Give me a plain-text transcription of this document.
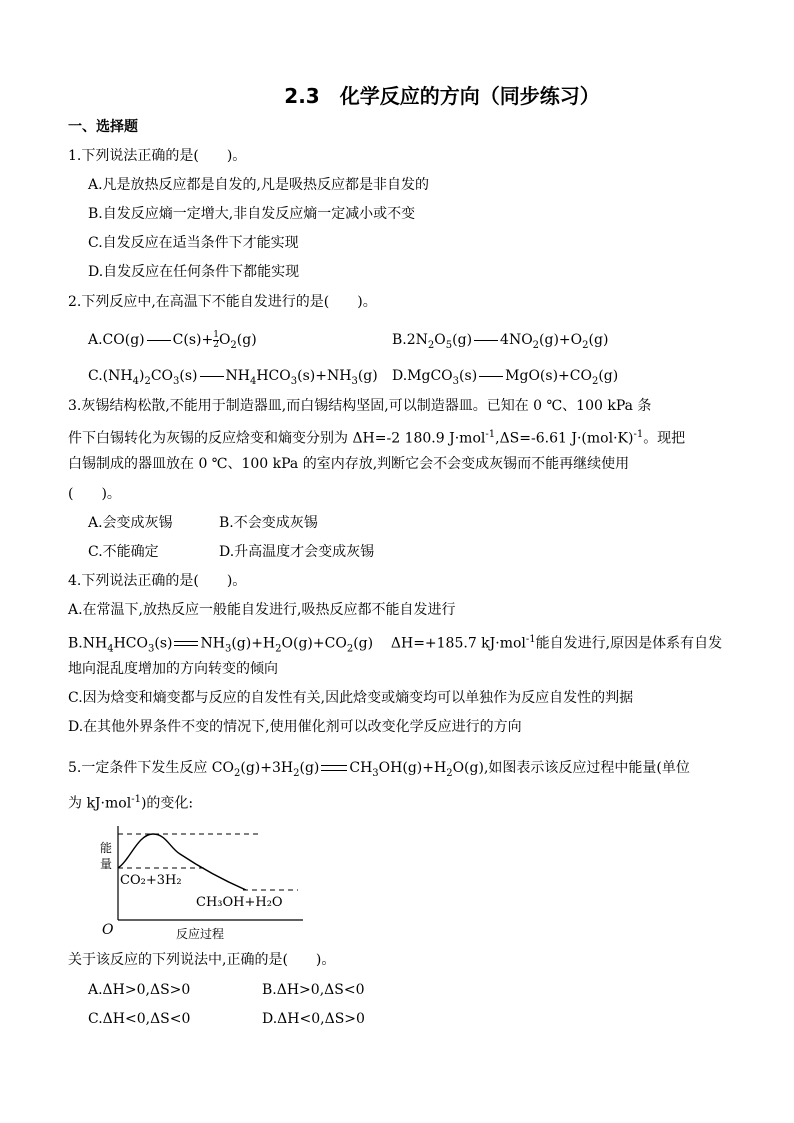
2.3　化学反应的方向（同步练习）
一、选择题
1.下列说法正确的是(　　)。
A.凡是放热反应都是自发的,凡是吸热反应都是非自发的
B.自发反应熵一定增大,非自发反应熵一定减小或不变
C.自发反应在适当条件下才能实现
D.自发反应在任何条件下都能实现
2.下列反应中,在高温下不能自发进行的是(　　)。
A.CO(g) $C(s)+ \frac{1}{2} O_2(g)$	$B.2N_2O_5(g)$ $4NO_2(g)+O_2(g)$
$C.(NH_4)_2CO_3(s)$ $NH_4HCO_3(s)+NH_3(g)$ D.MgCO$_3$(s) $MgO(s)+CO_2(g)$
3.灰锡结构松散,不能用于制造器皿,而白锡结构坚固,可以制造器皿。已知在 0 ℃、100 kPa 条
件下白锡转化为灰锡的反应焓变和熵变分别为 ΔH=-2 180.9 J·mol$^{-1}$,ΔS=-6.61 $J\cdot(mol\cdot K)^{-1}$。现把
白锡制成的器皿放在 0 ℃、100 kPa 的室内存放,判断它会不会变成灰锡而不能再继续使用
(　　)。
A.会变成灰锡	B.不会变成灰锡
C.不能确定	D.升高温度才会变成灰锡
4.下列说法正确的是(　　)。
A.在常温下,放热反应一般能自发进行,吸热反应都不能自发进行
$B.NH_4HCO_3(s)$ $NH_3(g)+H_2O(g)+CO_2(g)$    ΔH=+185.7 kJ·mol$^{-1}$能自发进行,原因是体系有自发
地向混乱度增加的方向转变的倾向
C.因为焓变和熵变都与反应的自发性有关,因此焓变或熵变均可以单独作为反应自发性的判据
D.在其他外界条件不变的情况下,使用催化剂可以改变化学反应进行的方向
5.一定条件下发生反应 $CO_2(g)+3H_2(g)$ $CH_3OH(g)+H_2O(g)$,如图表示该反应过程中能量(单位
为 kJ·mol$^{-1}$)的变化:
能
量
CO₂+3H₂
CH₃OH+H₂O
O	反应过程
关于该反应的下列说法中,正确的是(　　)。
A.ΔH>0,ΔS>0	B.ΔH>0,ΔS<0
C.ΔH<0,ΔS<0	D.ΔH<0,ΔS>0
